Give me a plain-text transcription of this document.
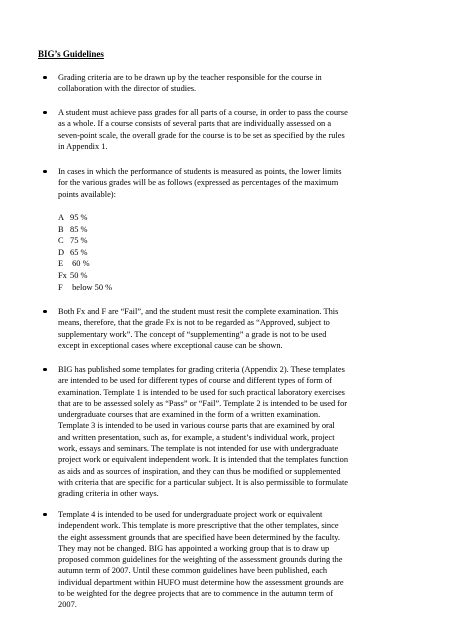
BIG’s Guidelines

Grading criteria are to be drawn up by the teacher responsible for the course in
collaboration with the director of studies.

A student must achieve pass grades for all parts of a course, in order to pass the course
as a whole. If a course consists of several parts that are individually assessed on a
seven-point scale, the overall grade for the course is to be set as specified by the rules
in Appendix 1.

In cases in which the performance of students is measured as points, the lower limits
for the various grades will be as follows (expressed as percentages of the maximum
points available):

A 95 %
B 85 %
C 75 %
D 65 %
E 60 %
Fx 50 %
F below 50 %

Both Fx and F are “Fail”, and the student must resit the complete examination. This
means, therefore, that the grade Fx is not to be regarded as “Approved, subject to
supplementary work”. The concept of “supplementing” a grade is not to be used
except in exceptional cases where exceptional cause can be shown.

BIG has published some templates for grading criteria (Appendix 2). These templates
are intended to be used for different types of course and different types of form of
examination. Template 1 is intended to be used for such practical laboratory exercises
that are to be assessed solely as “Pass” or “Fail”. Template 2 is intended to be used for
undergraduate courses that are examined in the form of a written examination.
Template 3 is intended to be used in various course parts that are examined by oral
and written presentation, such as, for example, a student’s individual work, project
work, essays and seminars. The template is not intended for use with undergraduate
project work or equivalent independent work. It is intended that the templates function
as aids and as sources of inspiration, and they can thus be modified or supplemented
with criteria that are specific for a particular subject. It is also permissible to formulate
grading criteria in other ways.

Template 4 is intended to be used for undergraduate project work or equivalent
independent work. This template is more prescriptive that the other templates, since
the eight assessment grounds that are specified have been determined by the faculty.
They may not be changed. BIG has appointed a working group that is to draw up
proposed common guidelines for the weighting of the assessment grounds during the
autumn term of 2007. Until these common guidelines have been published, each
individual department within HUFO must determine how the assessment grounds are
to be weighted for the degree projects that are to commence in the autumn term of
2007.
